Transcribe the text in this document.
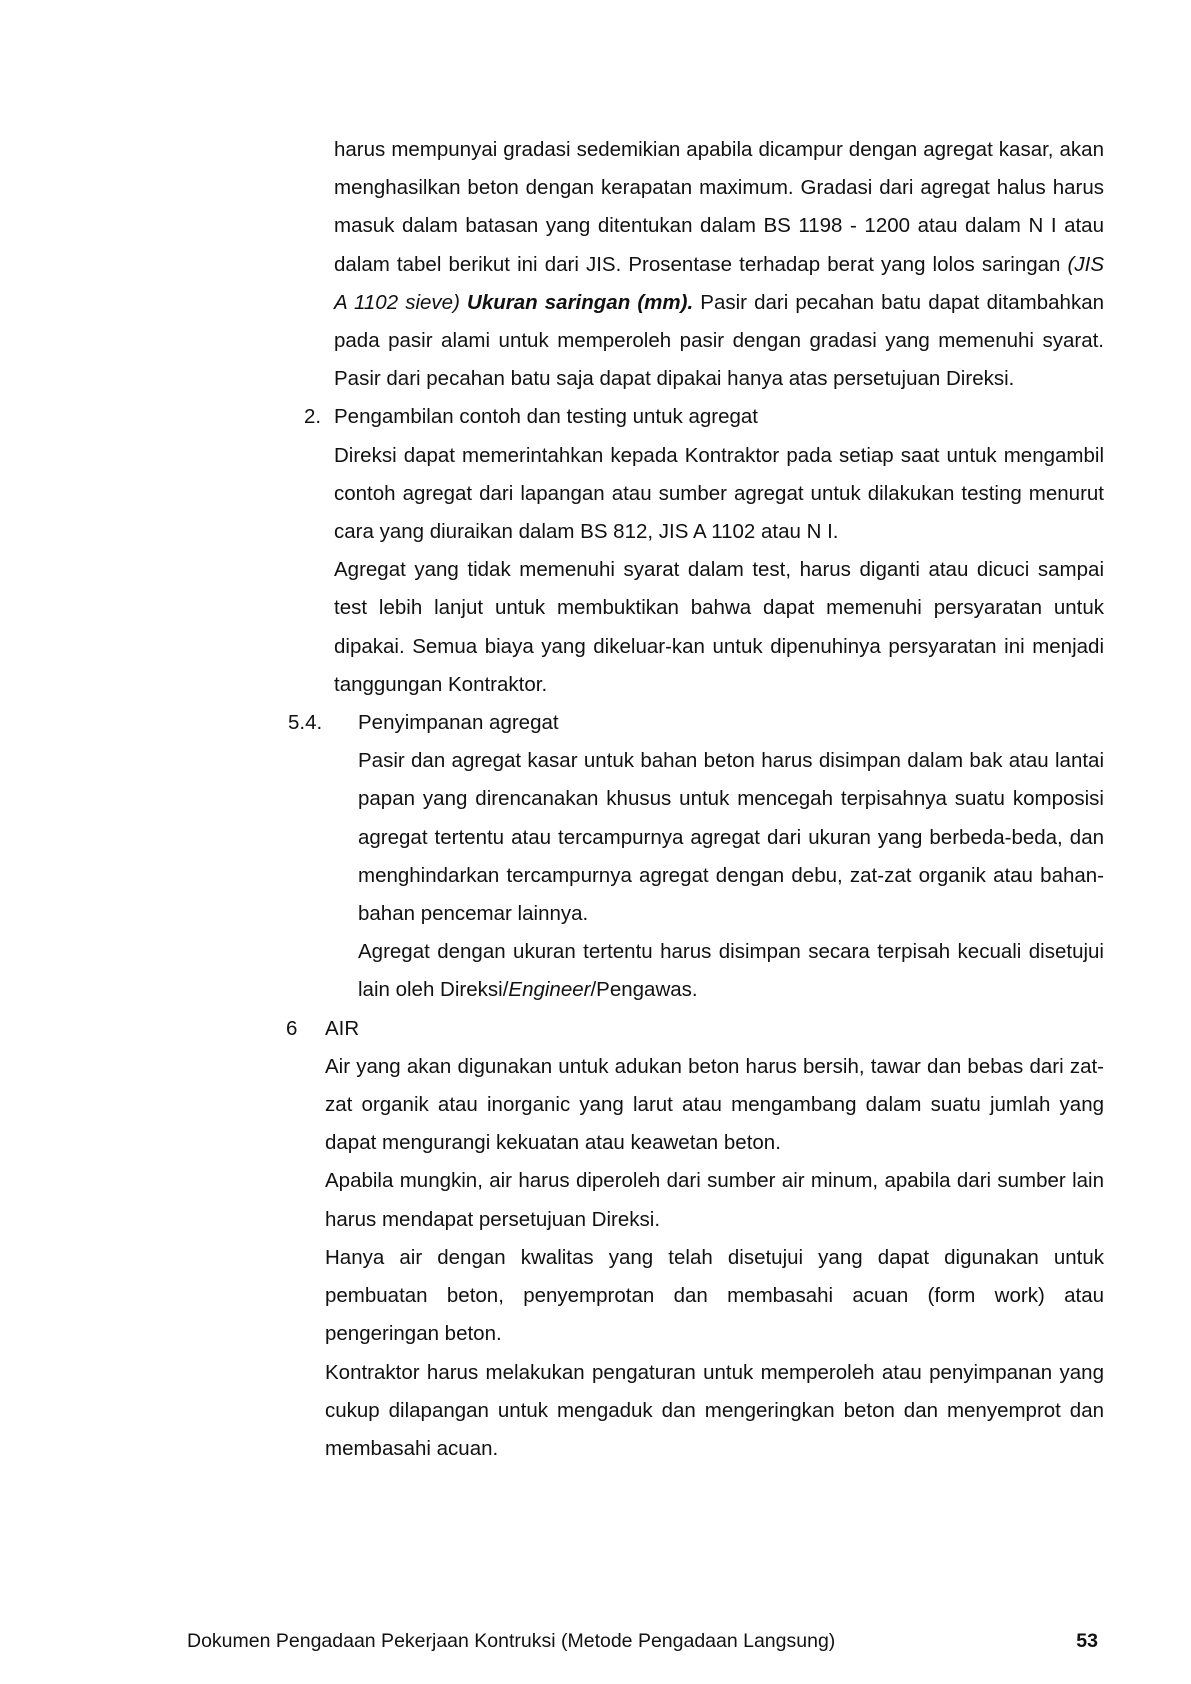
harus mempunyai gradasi sedemikian apabila dicampur dengan agregat kasar, akan menghasilkan beton dengan kerapatan maximum. Gradasi dari agregat halus harus masuk dalam batasan yang ditentukan dalam BS 1198 - 1200 atau dalam N I atau dalam tabel berikut ini dari JIS. Prosentase terhadap berat yang lolos saringan (JIS A 1102 sieve) Ukuran saringan (mm). Pasir dari pecahan batu dapat ditambahkan pada pasir alami untuk memperoleh pasir dengan gradasi yang memenuhi syarat. Pasir dari pecahan batu saja dapat dipakai hanya atas persetujuan Direksi.

2. Pengambilan contoh dan testing untuk agregat

Direksi dapat memerintahkan kepada Kontraktor pada setiap saat untuk mengambil contoh agregat dari lapangan atau sumber agregat untuk dilakukan testing menurut cara yang diuraikan dalam BS 812, JIS A 1102 atau N I.

Agregat yang tidak memenuhi syarat dalam test, harus diganti atau dicuci sampai test lebih lanjut untuk membuktikan bahwa dapat memenuhi persyaratan untuk dipakai. Semua biaya yang dikeluar-kan untuk dipenuhinya persyaratan ini menjadi tanggungan Kontraktor.

5.4. Penyimpanan agregat

Pasir dan agregat kasar untuk bahan beton harus disimpan dalam bak atau lantai papan yang direncanakan khusus untuk mencegah terpisahnya suatu komposisi agregat tertentu atau tercampurnya agregat dari ukuran yang berbeda-beda, dan menghindarkan tercampurnya agregat dengan debu, zat-zat organik atau bahan-bahan pencemar lainnya.

Agregat dengan ukuran tertentu harus disimpan secara terpisah kecuali disetujui lain oleh Direksi/Engineer/Pengawas.

6 AIR

Air yang akan digunakan untuk adukan beton harus bersih, tawar dan bebas dari zat-zat organik atau inorganic yang larut atau mengambang dalam suatu jumlah yang dapat mengurangi kekuatan atau keawetan beton.

Apabila mungkin, air harus diperoleh dari sumber air minum, apabila dari sumber lain harus mendapat persetujuan Direksi.

Hanya air dengan kwalitas yang telah disetujui yang dapat digunakan untuk pembuatan beton, penyemprotan dan membasahi acuan (form work) atau pengeringan beton.

Kontraktor harus melakukan pengaturan untuk memperoleh atau penyimpanan yang cukup dilapangan untuk mengaduk dan mengeringkan beton dan menyemprot dan membasahi acuan.

Dokumen Pengadaan Pekerjaan Kontruksi (Metode Pengadaan Langsung)	53
